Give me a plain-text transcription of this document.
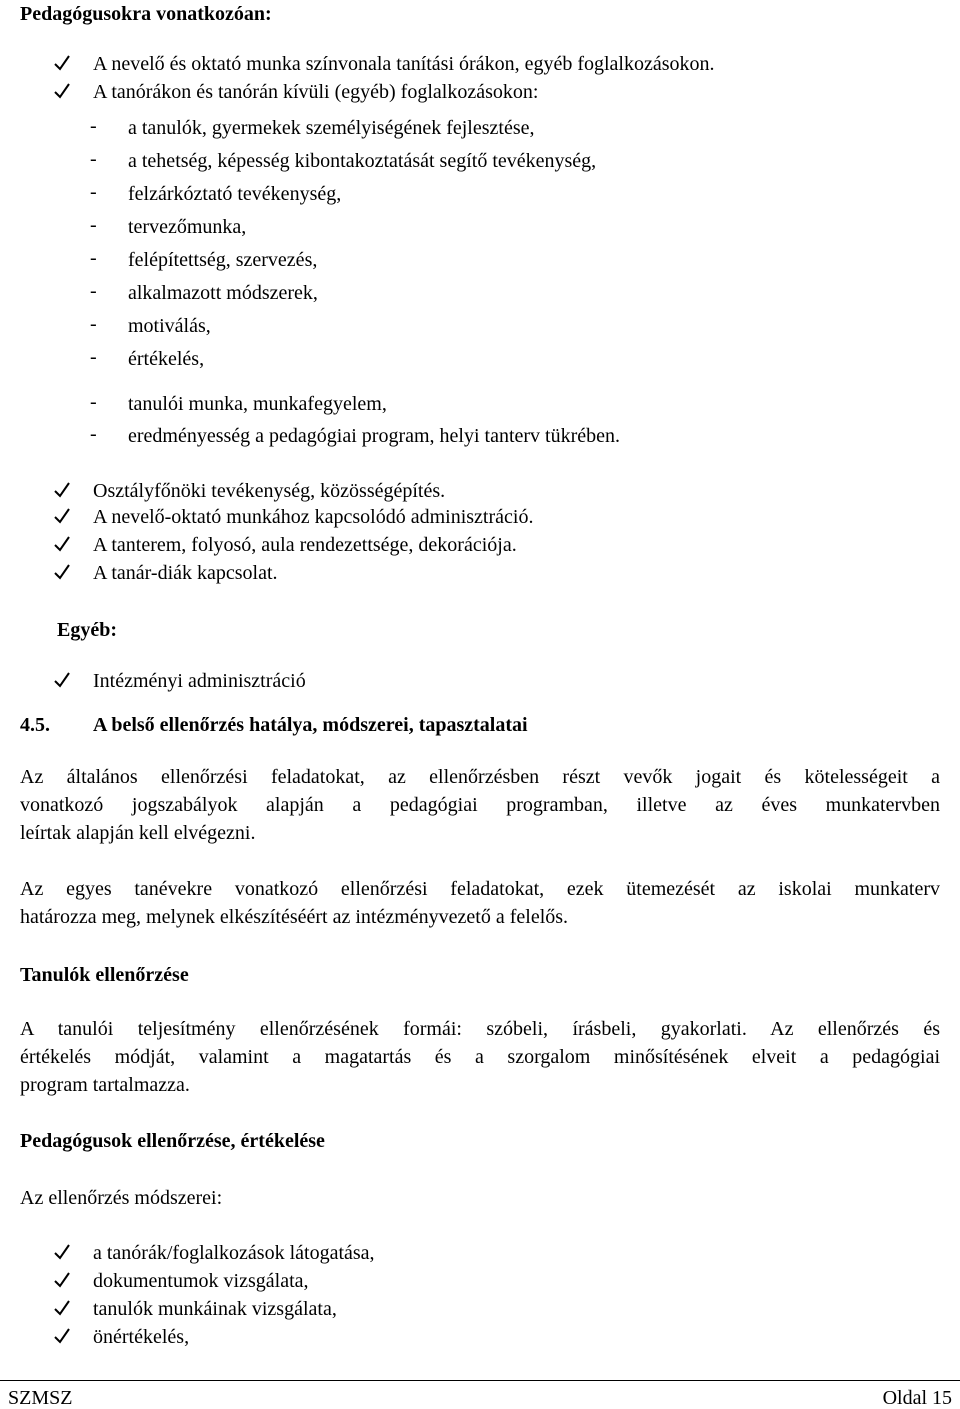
Pedagógusokra vonatkozóan:
A nevelő és oktató munka színvonala tanítási órákon, egyéb foglalkozásokon.
A tanórákon és tanórán kívüli (egyéb) foglalkozásokon:
- a tanulók, gyermekek személyiségének fejlesztése,
- a tehetség, képesség kibontakoztatását segítő tevékenység,
- felzárkóztató tevékenység,
- tervezőmunka,
- felépítettség, szervezés,
- alkalmazott módszerek,
- motiválás,
- értékelés,
- tanulói munka, munkafegyelem,
- eredményesség a pedagógiai program, helyi tanterv tükrében.
Osztályfőnöki tevékenység, közösségépítés.
A nevelő-oktató munkához kapcsolódó adminisztráció.
A tanterem, folyosó, aula rendezettsége, dekorációja.
A tanár-diák kapcsolat.
Egyéb:
Intézményi adminisztráció
4.5. A belső ellenőrzés hatálya, módszerei, tapasztalatai
Az általános ellenőrzési feladatokat, az ellenőrzésben részt vevők jogait és kötelességeit a
vonatkozó jogszabályok alapján a pedagógiai programban, illetve az éves munkatervben
leírtak alapján kell elvégezni.
Az egyes tanévekre vonatkozó ellenőrzési feladatokat, ezek ütemezését az iskolai munkaterv
határozza meg, melynek elkészítéséért az intézményvezető a felelős.
Tanulók ellenőrzése
A tanulói teljesítmény ellenőrzésének formái: szóbeli, írásbeli, gyakorlati. Az ellenőrzés és
értékelés módját, valamint a magatartás és a szorgalom minősítésének elveit a pedagógiai
program tartalmazza.
Pedagógusok ellenőrzése, értékelése
Az ellenőrzés módszerei:
a tanórák/foglalkozások látogatása,
dokumentumok vizsgálata,
tanulók munkáinak vizsgálata,
önértékelés,
SZMSZ	Oldal 15
